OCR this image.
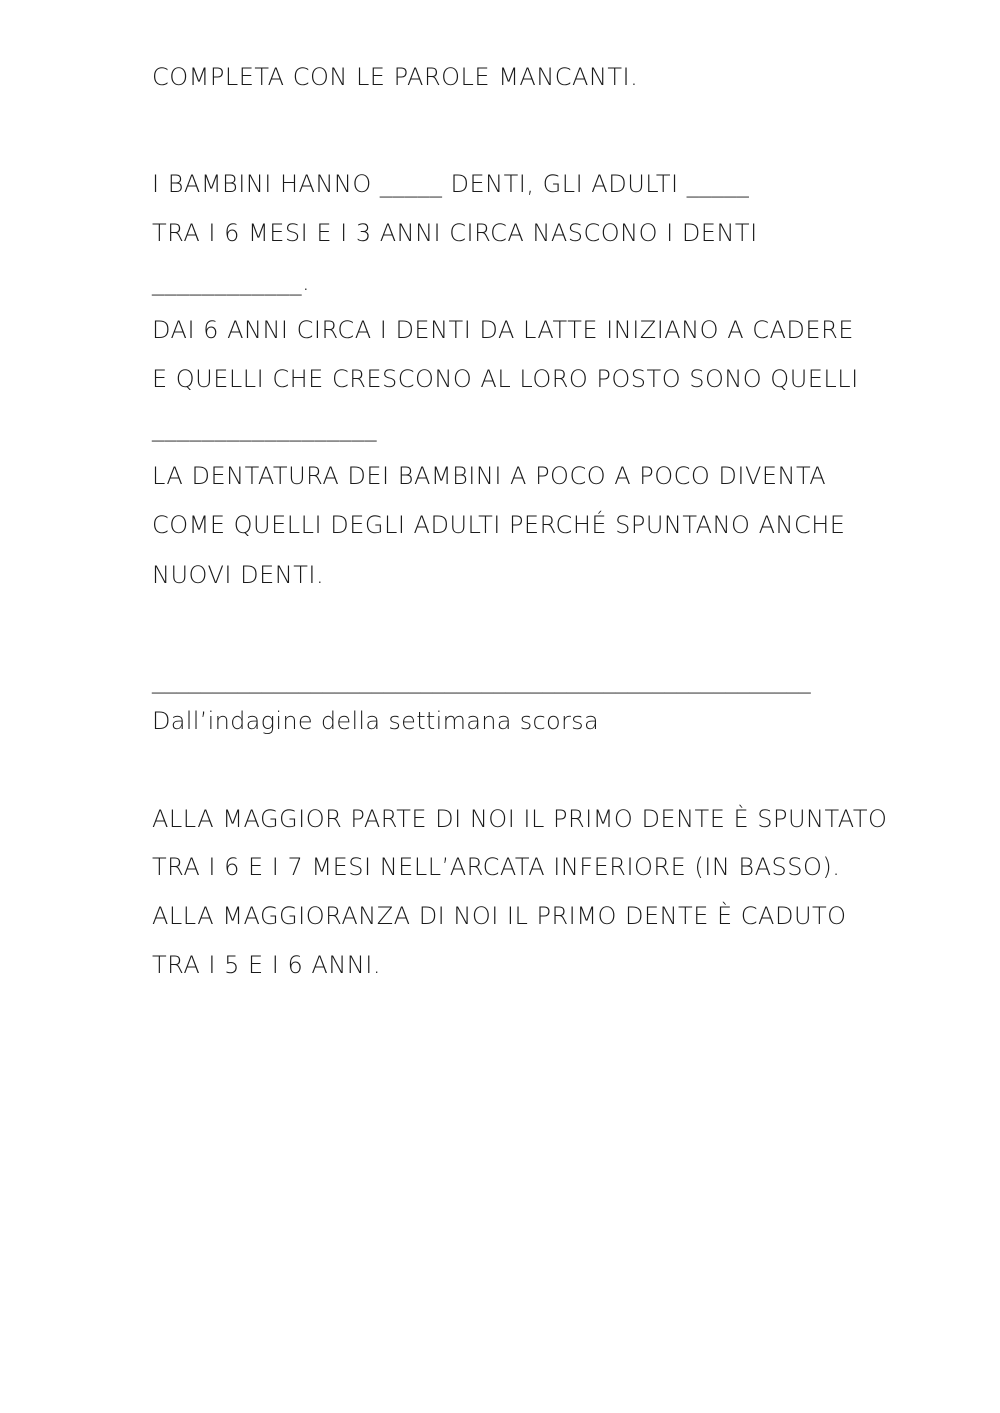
COMPLETA CON LE PAROLE MANCANTI.
I BAMBINI HANNO _____ DENTI, GLI ADULTI _____
TRA I 6 MESI E I 3 ANNI CIRCA NASCONO I DENTI
____________.
DAI 6 ANNI CIRCA I DENTI DA LATTE INIZIANO A CADERE
E QUELLI CHE CRESCONO AL LORO POSTO SONO QUELLI
__________________
LA DENTATURA DEI BAMBINI A POCO A POCO DIVENTA
COME QUELLI DEGLI ADULTI PERCHÉ SPUNTANO ANCHE
NUOVI DENTI.
______________________________________________________
Dall’indagine della settimana scorsa
ALLA MAGGIOR PARTE DI NOI IL PRIMO DENTE È SPUNTATO
TRA I 6 E I 7 MESI NELL’ARCATA INFERIORE (IN BASSO).
ALLA MAGGIORANZA DI NOI IL PRIMO DENTE È CADUTO
TRA I 5 E I 6 ANNI.
